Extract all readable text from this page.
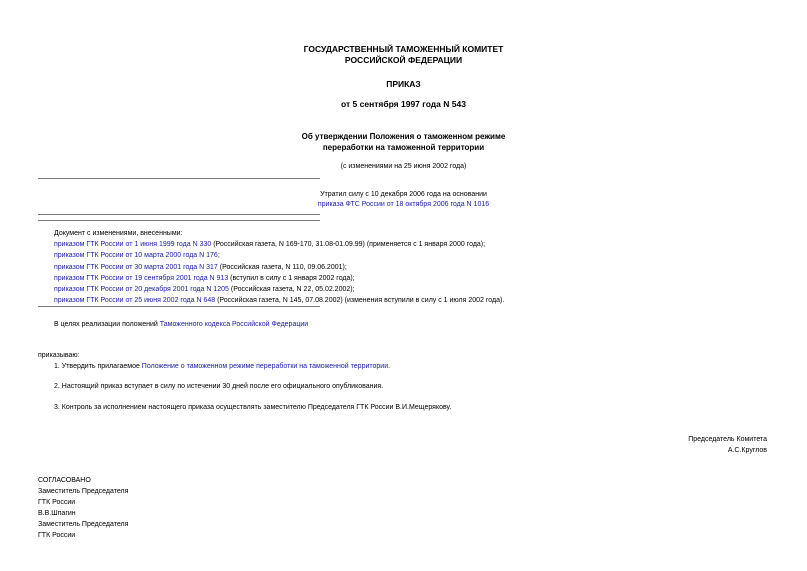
ГОСУДАРСТВЕННЫЙ ТАМОЖЕННЫЙ КОМИТЕТ
РОССИЙСКОЙ ФЕДЕРАЦИИ
ПРИКАЗ
от 5 сентября 1997 года N 543
Об утверждении Положения о таможенном режиме
переработки на таможенной территории
(с изменениями на 25 июня 2002 года)
Утратил силу с 10 декабря 2006 года на основании
приказа ФТС России от 18 октября 2006 года N 1016
Документ с изменениями, внесенными:
приказом ГТК России от 1 июня 1999 года N 330 (Российская газета, N 169-170, 31.08-01.09.99) (применяется с 1 января 2000 года);
приказом ГТК России от 10 марта 2000 года N 176;
приказом ГТК России от 30 марта 2001 года N 317 (Российская газета, N 110, 09.06.2001);
приказом ГТК России от 19 сентября 2001 года N 913 (вступил в силу с 1 января 2002 года);
приказом ГТК России от 20 декабря 2001 года N 1205 (Российская газета, N 22, 05.02.2002);
приказом ГТК России от 25 июня 2002 года N 648 (Российская газета, N 145, 07.08.2002) (изменения вступили в силу с 1 июля 2002 года).
В целях реализации положений Таможенного кодекса Российской Федерации
приказываю:
1. Утвердить прилагаемое Положение о таможенном режиме переработки на таможенной территории.
2. Настоящий приказ вступает в силу по истечении 30 дней после его официального опубликования.
3. Контроль за исполнением настоящего приказа осуществлять заместителю Председателя ГТК России В.И.Мещерякову.
Председатель Комитета
А.С.Круглов
СОГЛАСОВАНО
Заместитель Председателя
ГТК России
В.В.Шпагин
Заместитель Председателя
ГТК России
